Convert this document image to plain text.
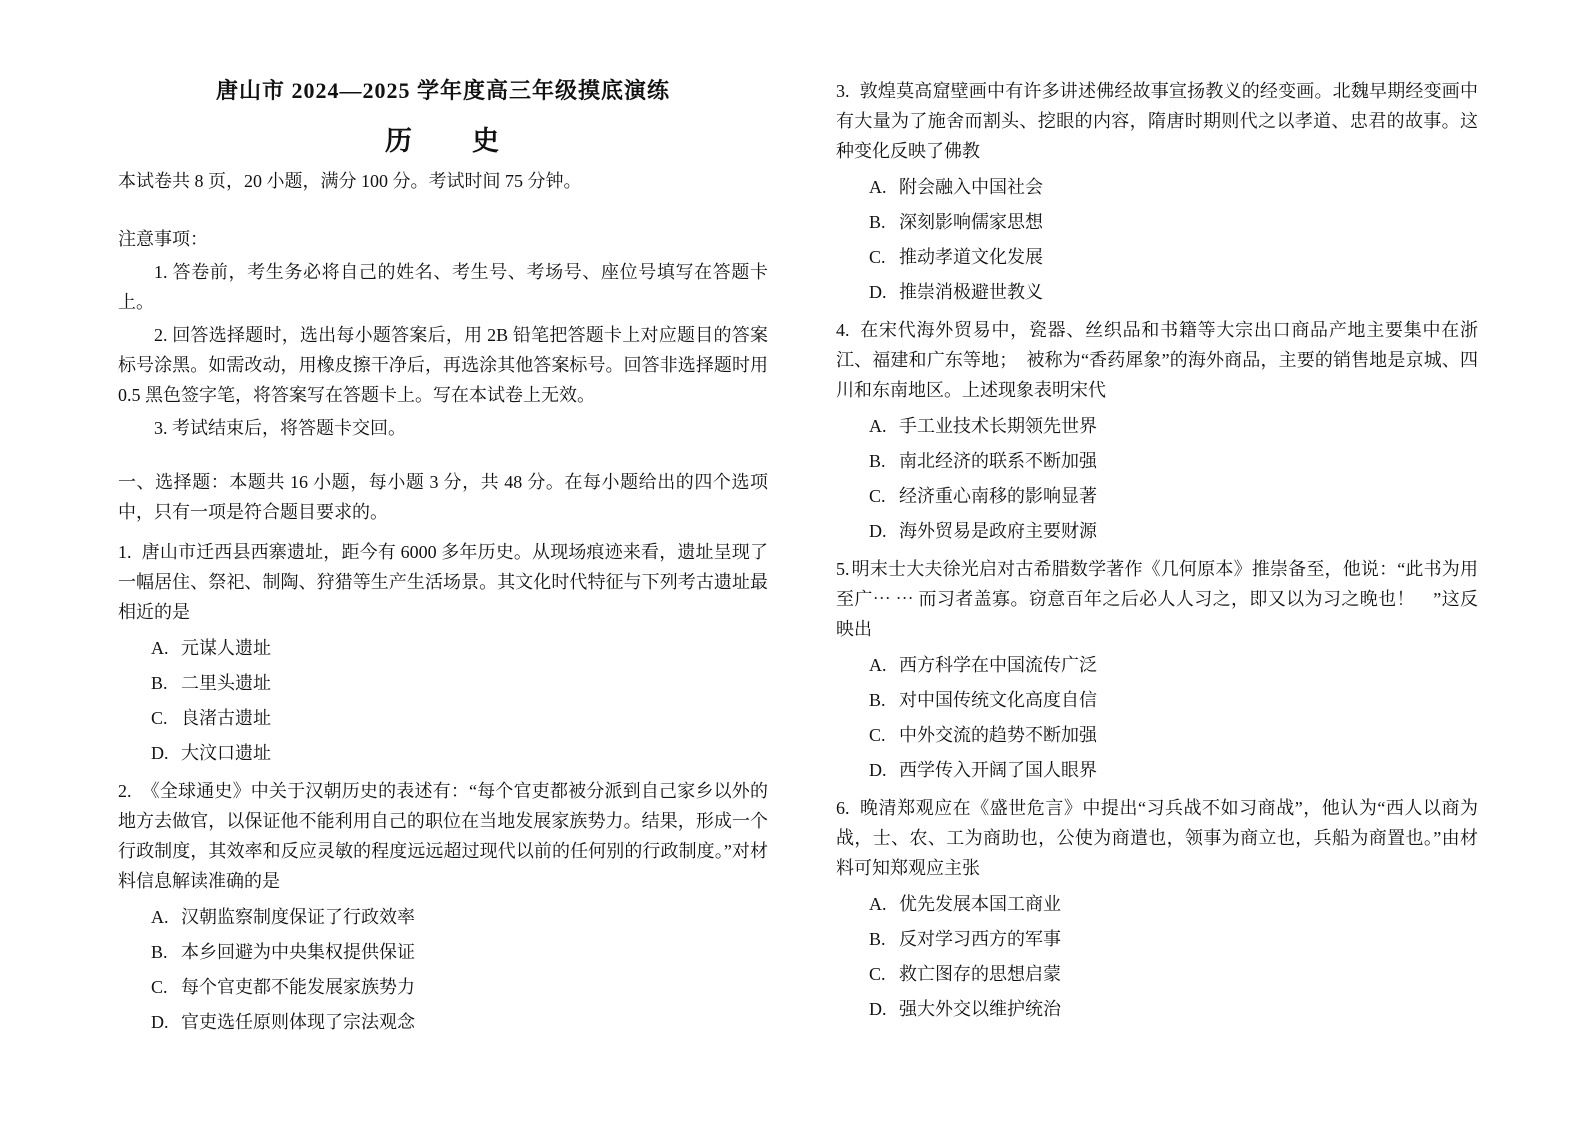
唐山市 2024—2025 学年度高三年级摸底演练
历　　史
本试卷共 8 页，20 小题，满分 100 分。考试时间 75 分钟。

注意事项：

1. 答卷前，考生务必将自己的姓名、考生号、考场号、座位号填写在答题卡上。

2. 回答选择题时，选出每小题答案后，用 2B 铅笔把答题卡上对应题目的答案标号涂黑。如需改动，用橡皮擦干净后，再选涂其他答案标号。回答非选择题时用 0.5 黑色签字笔，将答案写在答题卡上。写在本试卷上无效。

3. 考试结束后，将答题卡交回。

一、选择题：本题共 16 小题，每小题 3 分，共 48 分。在每小题给出的四个选项中，只有一项是符合题目要求的。

1. 唐山市迁西县西寨遗址，距今有 6000 多年历史。从现场痕迹来看，遗址呈现了一幅居住、祭祀、制陶、狩猎等生产生活场景。其文化时代特征与下列考古遗址最相近的是

A. 元谋人遗址
B. 二里头遗址
C. 良渚古遗址
D. 大汶口遗址

2. 《全球通史》中关于汉朝历史的表述有：“每个官吏都被分派到自己家乡以外的地方去做官，以保证他不能利用自己的职位在当地发展家族势力。结果，形成一个行政制度，其效率和反应灵敏的程度远远超过现代以前的任何别的行政制度。”对材料信息解读准确的是

A. 汉朝监察制度保证了行政效率
B. 本乡回避为中央集权提供保证
C. 每个官吏都不能发展家族势力
D. 官吏选任原则体现了宗法观念

3. 敦煌莫高窟壁画中有许多讲述佛经故事宣扬教义的经变画。北魏早期经变画中有大量为了施舍而割头、挖眼的内容，隋唐时期则代之以孝道、忠君的故事。这种变化反映了佛教

A. 附会融入中国社会
B. 深刻影响儒家思想
C. 推动孝道文化发展
D. 推崇消极避世教义

4. 在宋代海外贸易中，瓷器、丝织品和书籍等大宗出口商品产地主要集中在浙江、福建和广东等地；　被称为“香药犀象”的海外商品，主要的销售地是京城、四川和东南地区。上述现象表明宋代

A. 手工业技术长期领先世界
B. 南北经济的联系不断加强
C. 经济重心南移的影响显著
D. 海外贸易是政府主要财源

5. 明末士大夫徐光启对古希腊数学著作《几何原本》推崇备至，他说：“此书为用至广⋯ ⋯ 而习者盖寡。窃意百年之后必人人习之，即又以为习之晚也！　”这反映出

A. 西方科学在中国流传广泛
B. 对中国传统文化高度自信
C. 中外交流的趋势不断加强
D. 西学传入开阔了国人眼界

6. 晚清郑观应在《盛世危言》中提出“习兵战不如习商战”，他认为“西人以商为战，士、农、工为商助也，公使为商遣也，领事为商立也，兵船为商置也。”由材料可知郑观应主张

A. 优先发展本国工商业
B. 反对学习西方的军事
C. 救亡图存的思想启蒙
D. 强大外交以维护统治
